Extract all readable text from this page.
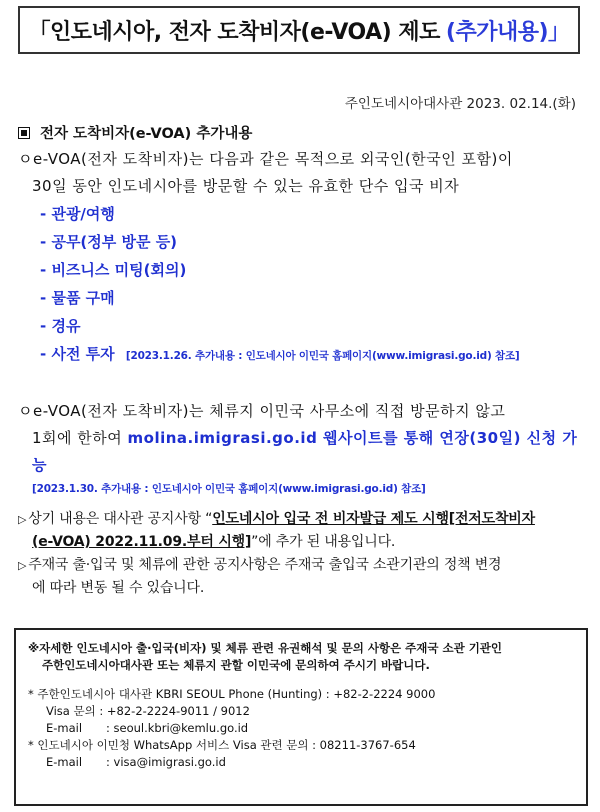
「인도네시아, 전자 도착비자(e-VOA) 제도 (추가내용)」
주인도네시아대사관 2023. 02.14.(화)
전자 도착비자(e-VOA) 추가내용
ㅇe-VOA(전자 도착비자)는 다음과 같은 목적으로 외국인(한국인 포함)이
30일 동안 인도네시아를 방문할 수 있는 유효한 단수 입국 비자
- 관광/여행
- 공무(정부 방문 등)
- 비즈니스 미팅(회의)
- 물품 구매
- 경유
- 사전 투자 [2023.1.26. 추가내용 : 인도네시아 이민국 홈페이지(www.imigrasi.go.id) 참조]
ㅇe-VOA(전자 도착비자)는 체류지 이민국 사무소에 직접 방문하지 않고
1회에 한하여 molina.imigrasi.go.id 웹사이트를 통해 연장(30일) 신청 가능
[2023.1.30. 추가내용 : 인도네시아 이민국 홈페이지(www.imigrasi.go.id) 참조]
▷ 상기 내용은 대사관 공지사항 “인도네시아 입국 전 비자발급 제도 시행[전저도착비자
(e-VOA) 2022.11.09.부터 시행]”에 추가 된 내용입니다.
▷ 주재국 출·입국 및 체류에 관한 공지사항은 주재국 출입국 소관기관의 정책 변경
에 따라 변동 될 수 있습니다.
※자세한 인도네시아 출·입국(비자) 및 체류 관련 유권해석 및 문의 사항은 주재국 소관 기관인
주한인도네시아대사관 또는 체류지 관할 이민국에 문의하여 주시기 바랍니다.
* 주한인도네시아 대사관 KBRI SEOUL Phone (Hunting) : +82-2-2224 9000
Visa 문의 : +82-2-2224-9011 / 9012
E-mail : seoul.kbri@kemlu.go.id
* 인도네시아 이민청 WhatsApp 서비스 Visa 관련 문의 : 08211-3767-654
E-mail : visa@imigrasi.go.id
